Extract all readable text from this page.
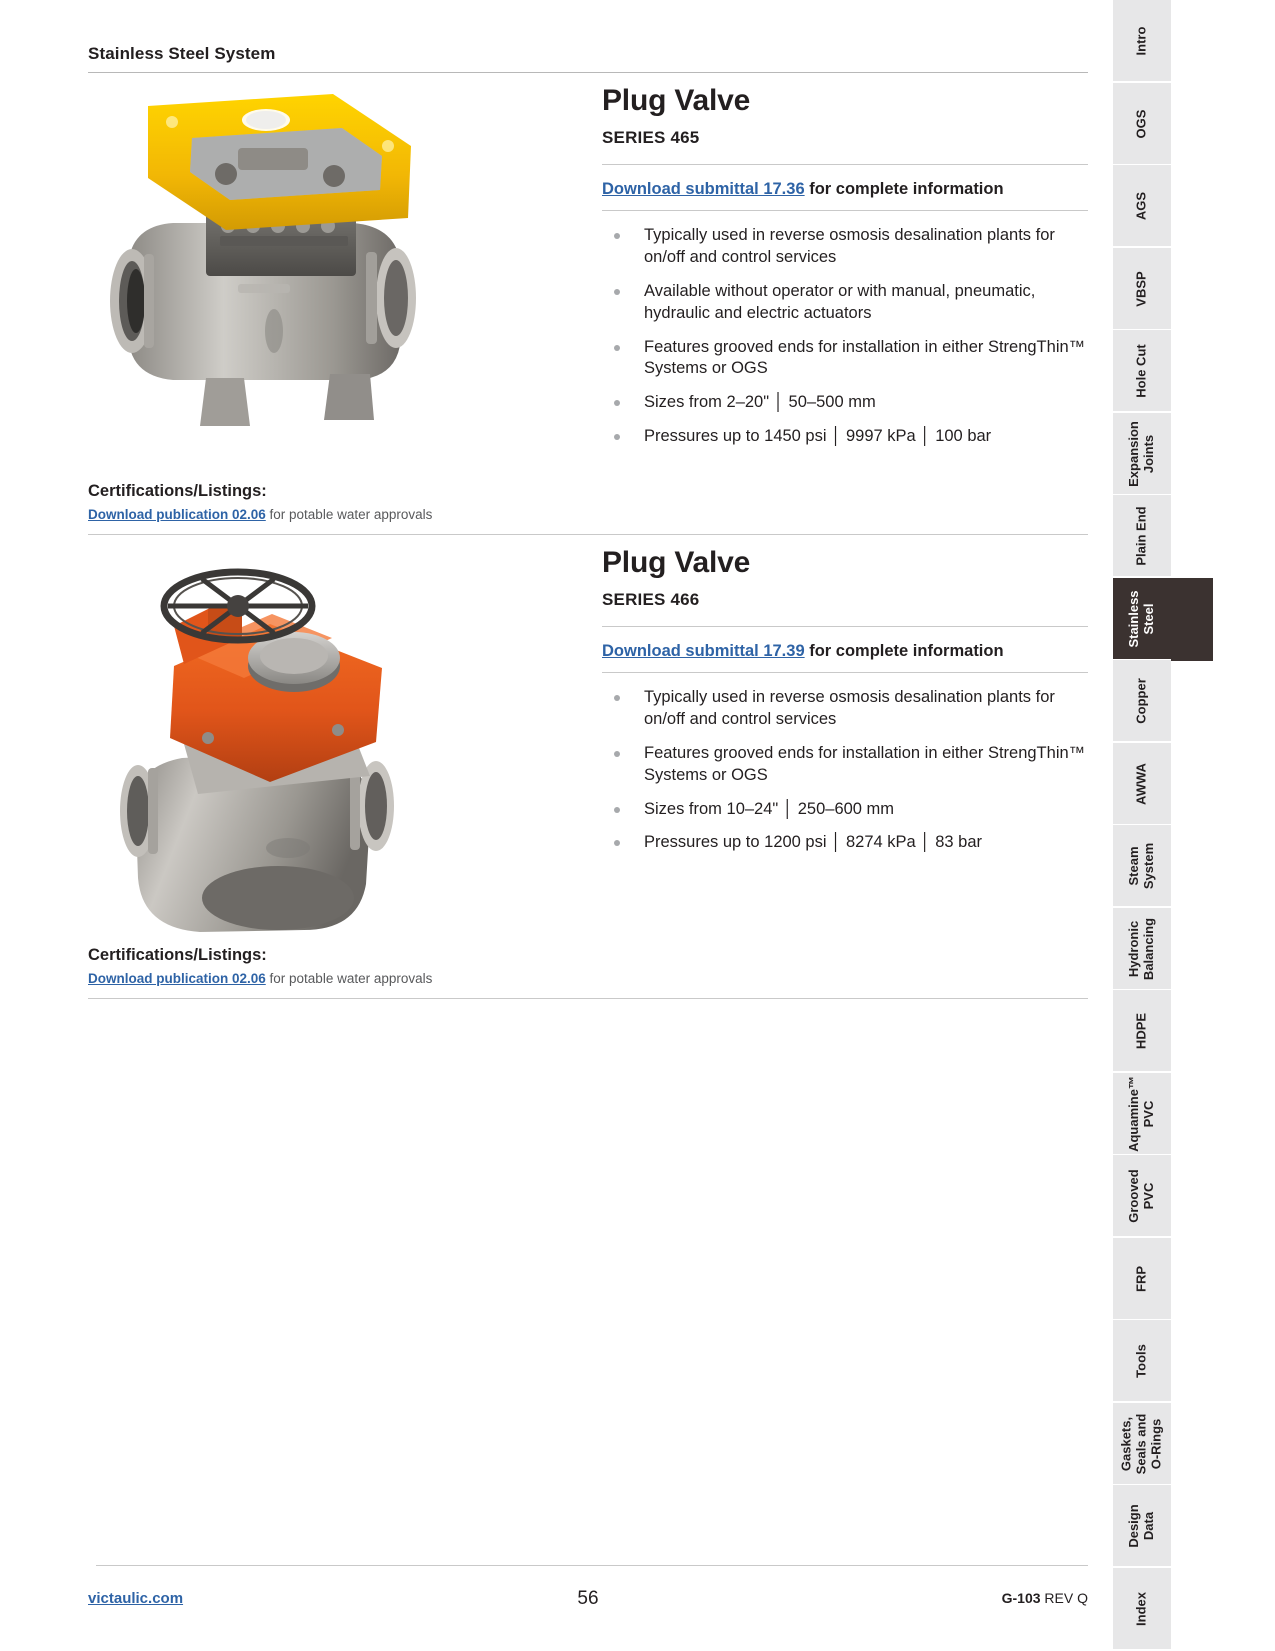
Stainless Steel System
Plug Valve
SERIES 465

Download submittal 17.36 for complete information

Typically used in reverse osmosis desalination plants for on/off and control services
Available without operator or with manual, pneumatic, hydraulic and electric actuators
Features grooved ends for installation in either StrengThin™ Systems or OGS
Sizes from 2–20" │ 50–500 mm
Pressures up to 1450 psi │ 9997 kPa │ 100 bar
Certifications/Listings:
Download publication 02.06 for potable water approvals
Plug Valve
SERIES 466

Download submittal 17.39 for complete information

Typically used in reverse osmosis desalination plants for on/off and control services
Features grooved ends for installation in either StrengThin™ Systems or OGS
Sizes from 10–24" │ 250–600 mm
Pressures up to 1200 psi │ 8274 kPa │ 83 bar
Certifications/Listings:
Download publication 02.06 for potable water approvals
victaulic.com	56	G-103 REV Q
Intro
OGS
AGS
VBSP
Hole Cut
Expansion
Joints
Plain End
Stainless
Steel
Copper
AWWA
Steam
System
Hydronic
Balancing
HDPE
Aquamine™
PVC
Grooved
PVC
FRP
Tools
Gaskets,
Seals and
O-Rings
Design
Data
Index
